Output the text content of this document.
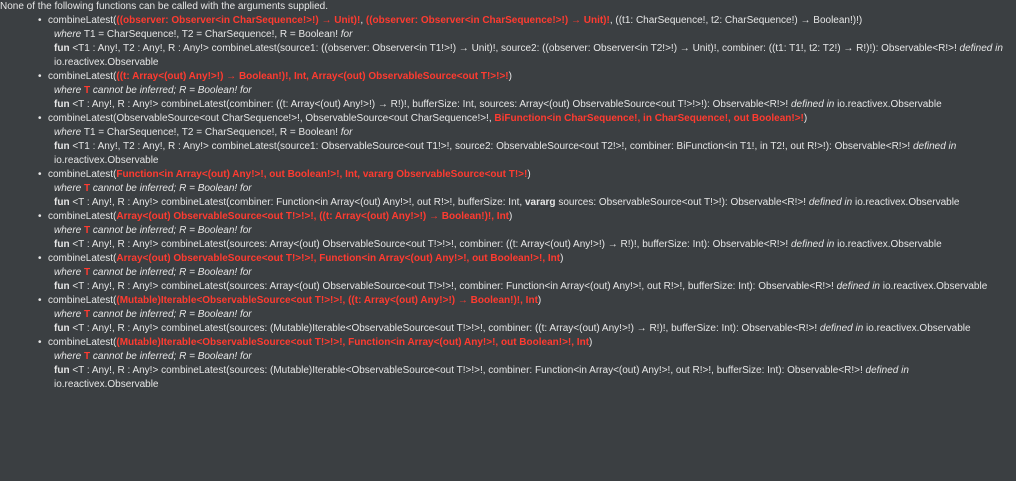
None of the following functions can be called with the arguments supplied.
• combineLatest(((observer: Observer<in CharSequence!>!) → Unit)!, ((observer: Observer<in CharSequence!>!) → Unit)!, ((t1: CharSequence!, t2: CharSequence!) → Boolean!)!)
where T1 = CharSequence!, T2 = CharSequence!, R = Boolean! for
fun <T1 : Any!, T2 : Any!, R : Any!> combineLatest(source1: ((observer: Observer<in T1!>!) → Unit)!, source2: ((observer: Observer<in T2!>!) → Unit)!, combiner: ((t1: T1!, t2: T2!) → R!)!): Observable<R!>! defined in io.reactivex.Observable
• combineLatest(((t: Array<(out) Any!>!) → Boolean!)!, Int, Array<(out) ObservableSource<out T!>!>!)
where T cannot be inferred; R = Boolean! for
fun <T : Any!, R : Any!> combineLatest(combiner: ((t: Array<(out) Any!>!) → R!)!, bufferSize: Int, sources: Array<(out) ObservableSource<out T!>!>!): Observable<R!>! defined in io.reactivex.Observable
• combineLatest(ObservableSource<out CharSequence!>!, ObservableSource<out CharSequence!>!, BiFunction<in CharSequence!, in CharSequence!, out Boolean!>!)
where T1 = CharSequence!, T2 = CharSequence!, R = Boolean! for
fun <T1 : Any!, T2 : Any!, R : Any!> combineLatest(source1: ObservableSource<out T1!>!, source2: ObservableSource<out T2!>!, combiner: BiFunction<in T1!, in T2!, out R!>!): Observable<R!>! defined in io.reactivex.Observable
• combineLatest(Function<in Array<(out) Any!>!, out Boolean!>!, Int, vararg ObservableSource<out T!>!)
where T cannot be inferred; R = Boolean! for
fun <T : Any!, R : Any!> combineLatest(combiner: Function<in Array<(out) Any!>!, out R!>!, bufferSize: Int, vararg sources: ObservableSource<out T!>!): Observable<R!>! defined in io.reactivex.Observable
• combineLatest(Array<(out) ObservableSource<out T!>!>!, ((t: Array<(out) Any!>!) → Boolean!)!, Int)
where T cannot be inferred; R = Boolean! for
fun <T : Any!, R : Any!> combineLatest(sources: Array<(out) ObservableSource<out T!>!>!, combiner: ((t: Array<(out) Any!>!) → R!)!, bufferSize: Int): Observable<R!>! defined in io.reactivex.Observable
• combineLatest(Array<(out) ObservableSource<out T!>!>!, Function<in Array<(out) Any!>!, out Boolean!>!, Int)
where T cannot be inferred; R = Boolean! for
fun <T : Any!, R : Any!> combineLatest(sources: Array<(out) ObservableSource<out T!>!>!, combiner: Function<in Array<(out) Any!>!, out R!>!, bufferSize: Int): Observable<R!>! defined in io.reactivex.Observable
• combineLatest((Mutable)Iterable<ObservableSource<out T!>!>!, ((t: Array<(out) Any!>!) → Boolean!)!, Int)
where T cannot be inferred; R = Boolean! for
fun <T : Any!, R : Any!> combineLatest(sources: (Mutable)Iterable<ObservableSource<out T!>!>!, combiner: ((t: Array<(out) Any!>!) → R!)!, bufferSize: Int): Observable<R!>! defined in io.reactivex.Observable
• combineLatest((Mutable)Iterable<ObservableSource<out T!>!>!, Function<in Array<(out) Any!>!, out Boolean!>!, Int)
where T cannot be inferred; R = Boolean! for
fun <T : Any!, R : Any!> combineLatest(sources: (Mutable)Iterable<ObservableSource<out T!>!>!, combiner: Function<in Array<(out) Any!>!, out R!>!, bufferSize: Int): Observable<R!>! defined in io.reactivex.Observable
